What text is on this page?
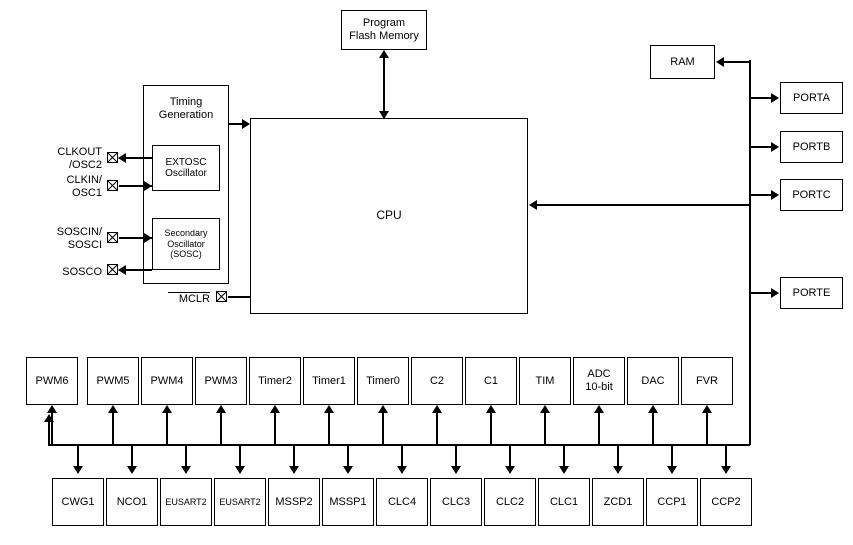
Program
Flash Memory
RAM
CPU
Timing
Generation
EXTOSC
Oscillator
Secondary
Oscillator
(SOSC)
CLKOUT
/OSC2
CLKIN/
OSC1
SOSCIN/
SOSCI
SOSCO
MCLR
PORTA
PORTB
PORTC
PORTE
PWM6	PWM5	PWM4	PWM3	Timer2	Timer1	Timer0	C2	C1	TIM
ADC
10-bit
DAC	FVR
CWG1	NCO1	EUSART2	EUSART2	MSSP2	MSSP1	CLC4	CLC3	CLC2	CLC1	ZCD1	CCP1	CCP2
